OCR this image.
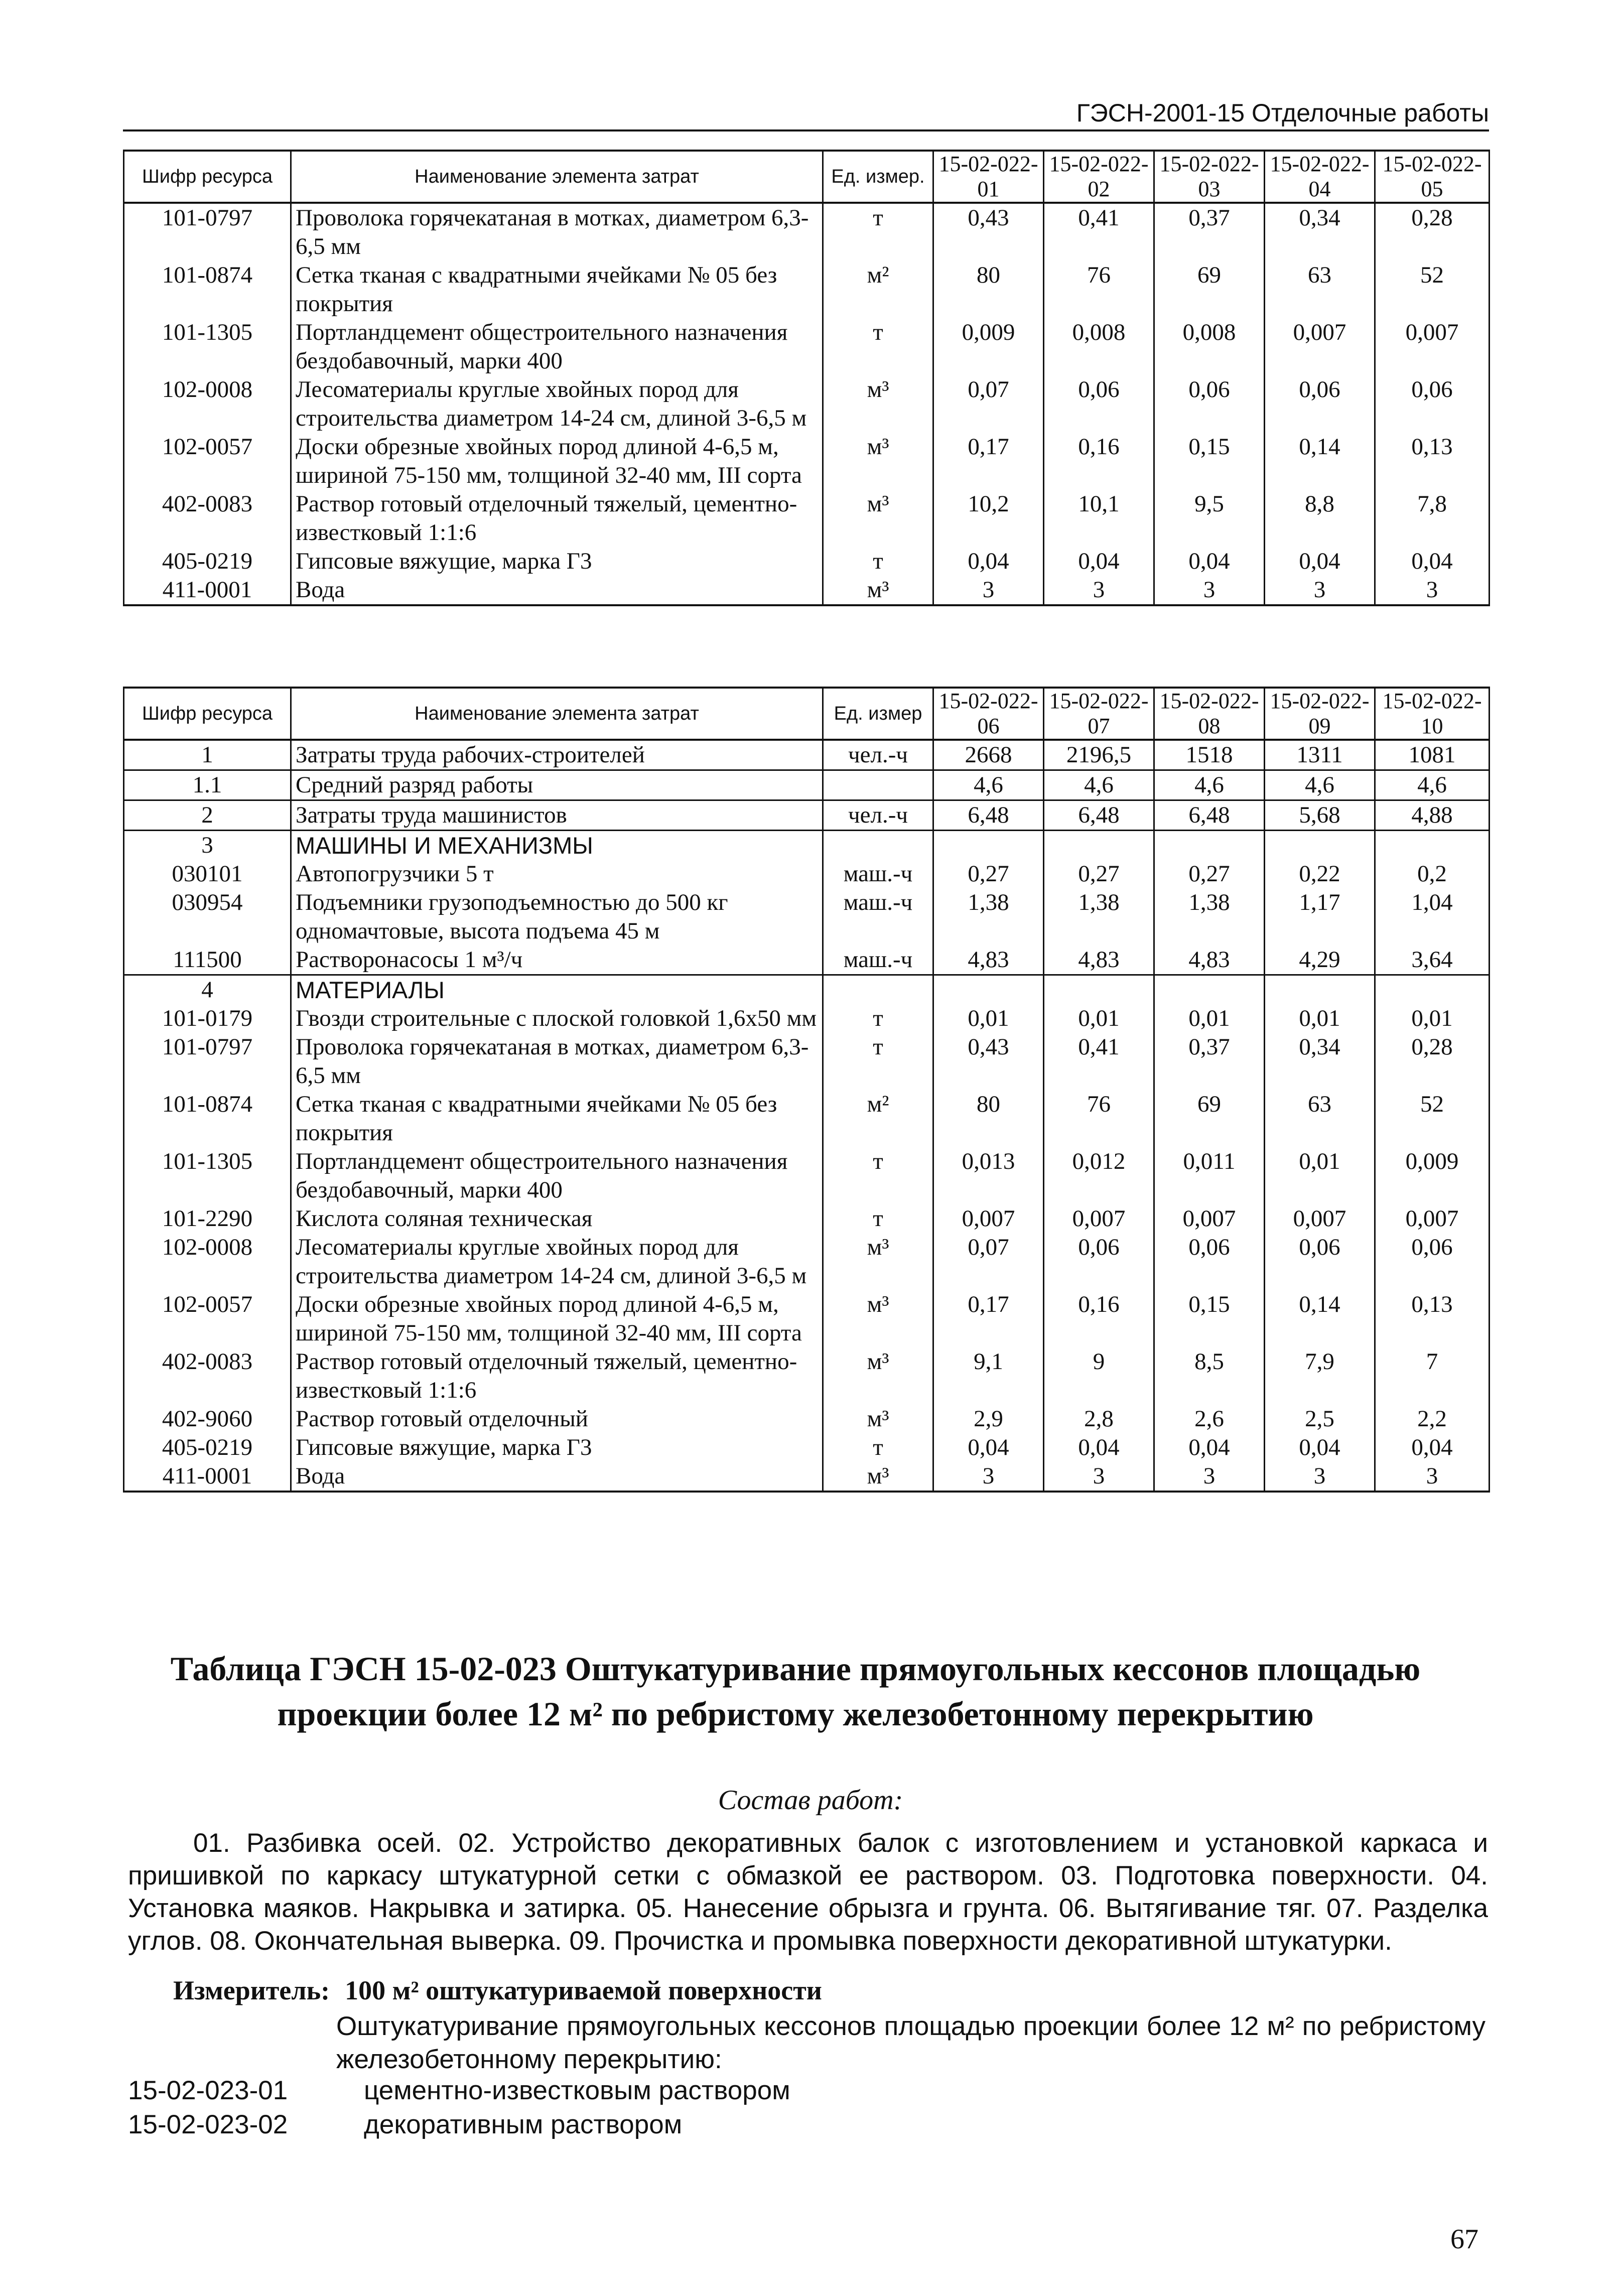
ГЭСН-2001-15 Отделочные работы
Шифр ресурса	Наименование элемента затрат	Ед. измер.	15-02-022-01	15-02-022-02	15-02-022-03	15-02-022-04	15-02-022-05
101-0797	Проволока горячекатаная в мотках, диаметром 6,3-6,5 мм	т	0,43	0,41	0,37	0,34	0,28
101-0874	Сетка тканая с квадратными ячейками № 05 без покрытия	м²	80	76	69	63	52
101-1305	Портландцемент общестроительного назначения бездобавочный, марки 400	т	0,009	0,008	0,008	0,007	0,007
102-0008	Лесоматериалы круглые хвойных пород для строительства диаметром 14-24 см, длиной 3-6,5 м	м³	0,07	0,06	0,06	0,06	0,06
102-0057	Доски обрезные хвойных пород длиной 4-6,5 м, шириной 75-150 мм, толщиной 32-40 мм, III сорта	м³	0,17	0,16	0,15	0,14	0,13
402-0083	Раствор готовый отделочный тяжелый, цементно-известковый 1:1:6	м³	10,2	10,1	9,5	8,8	7,8
405-0219	Гипсовые вяжущие, марка Г3	т	0,04	0,04	0,04	0,04	0,04
411-0001	Вода	м³	3	3	3	3	3
Шифр ресурса	Наименование элемента затрат	Ед. измер	15-02-022-06	15-02-022-07	15-02-022-08	15-02-022-09	15-02-022-10
1	Затраты труда рабочих-строителей	чел.-ч	2668	2196,5	1518	1311	1081
1.1	Средний разряд работы		4,6	4,6	4,6	4,6	4,6
2	Затраты труда машинистов	чел.-ч	6,48	6,48	6,48	5,68	4,88
3	МАШИНЫ И МЕХАНИЗМЫ						
030101	Автопогрузчики 5 т	маш.-ч	0,27	0,27	0,27	0,22	0,2
030954	Подъемники грузоподъемностью до 500 кг одномачтовые, высота подъема 45 м	маш.-ч	1,38	1,38	1,38	1,17	1,04
111500	Растворонасосы 1 м³/ч	маш.-ч	4,83	4,83	4,83	4,29	3,64
4	МАТЕРИАЛЫ						
101-0179	Гвозди строительные с плоской головкой 1,6x50 мм	т	0,01	0,01	0,01	0,01	0,01
101-0797	Проволока горячекатаная в мотках, диаметром 6,3-6,5 мм	т	0,43	0,41	0,37	0,34	0,28
101-0874	Сетка тканая с квадратными ячейками № 05 без покрытия	м²	80	76	69	63	52
101-1305	Портландцемент общестроительного назначения бездобавочный, марки 400	т	0,013	0,012	0,011	0,01	0,009
101-2290	Кислота соляная техническая	т	0,007	0,007	0,007	0,007	0,007
102-0008	Лесоматериалы круглые хвойных пород для строительства диаметром 14-24 см, длиной 3-6,5 м	м³	0,07	0,06	0,06	0,06	0,06
102-0057	Доски обрезные хвойных пород длиной 4-6,5 м, шириной 75-150 мм, толщиной 32-40 мм, III сорта	м³	0,17	0,16	0,15	0,14	0,13
402-0083	Раствор готовый отделочный тяжелый, цементно-известковый 1:1:6	м³	9,1	9	8,5	7,9	7
402-9060	Раствор готовый отделочный	м³	2,9	2,8	2,6	2,5	2,2
405-0219	Гипсовые вяжущие, марка Г3	т	0,04	0,04	0,04	0,04	0,04
411-0001	Вода	м³	3	3	3	3	3
Таблица ГЭСН 15-02-023 Оштукатуривание прямоугольных кессонов площадью проекции более 12 м² по ребристому железобетонному перекрытию
Состав работ:
01. Разбивка осей. 02. Устройство декоративных балок с изготовлением и установкой каркаса и пришивкой по каркасу штукатурной сетки с обмазкой ее раствором. 03. Подготовка поверхности. 04. Установка маяков. Накрывка и затирка. 05. Нанесение обрызга и грунта. 06. Вытягивание тяг. 07. Разделка углов. 08. Окончательная выверка. 09. Прочистка и промывка поверхности декоративной штукатурки.
Измеритель: 100 м² оштукатуриваемой поверхности
Оштукатуривание прямоугольных кессонов площадью проекции более 12 м² по ребристому железобетонному перекрытию:
15-02-023-01	цементно-известковым раствором
15-02-023-02	декоративным раствором
67
